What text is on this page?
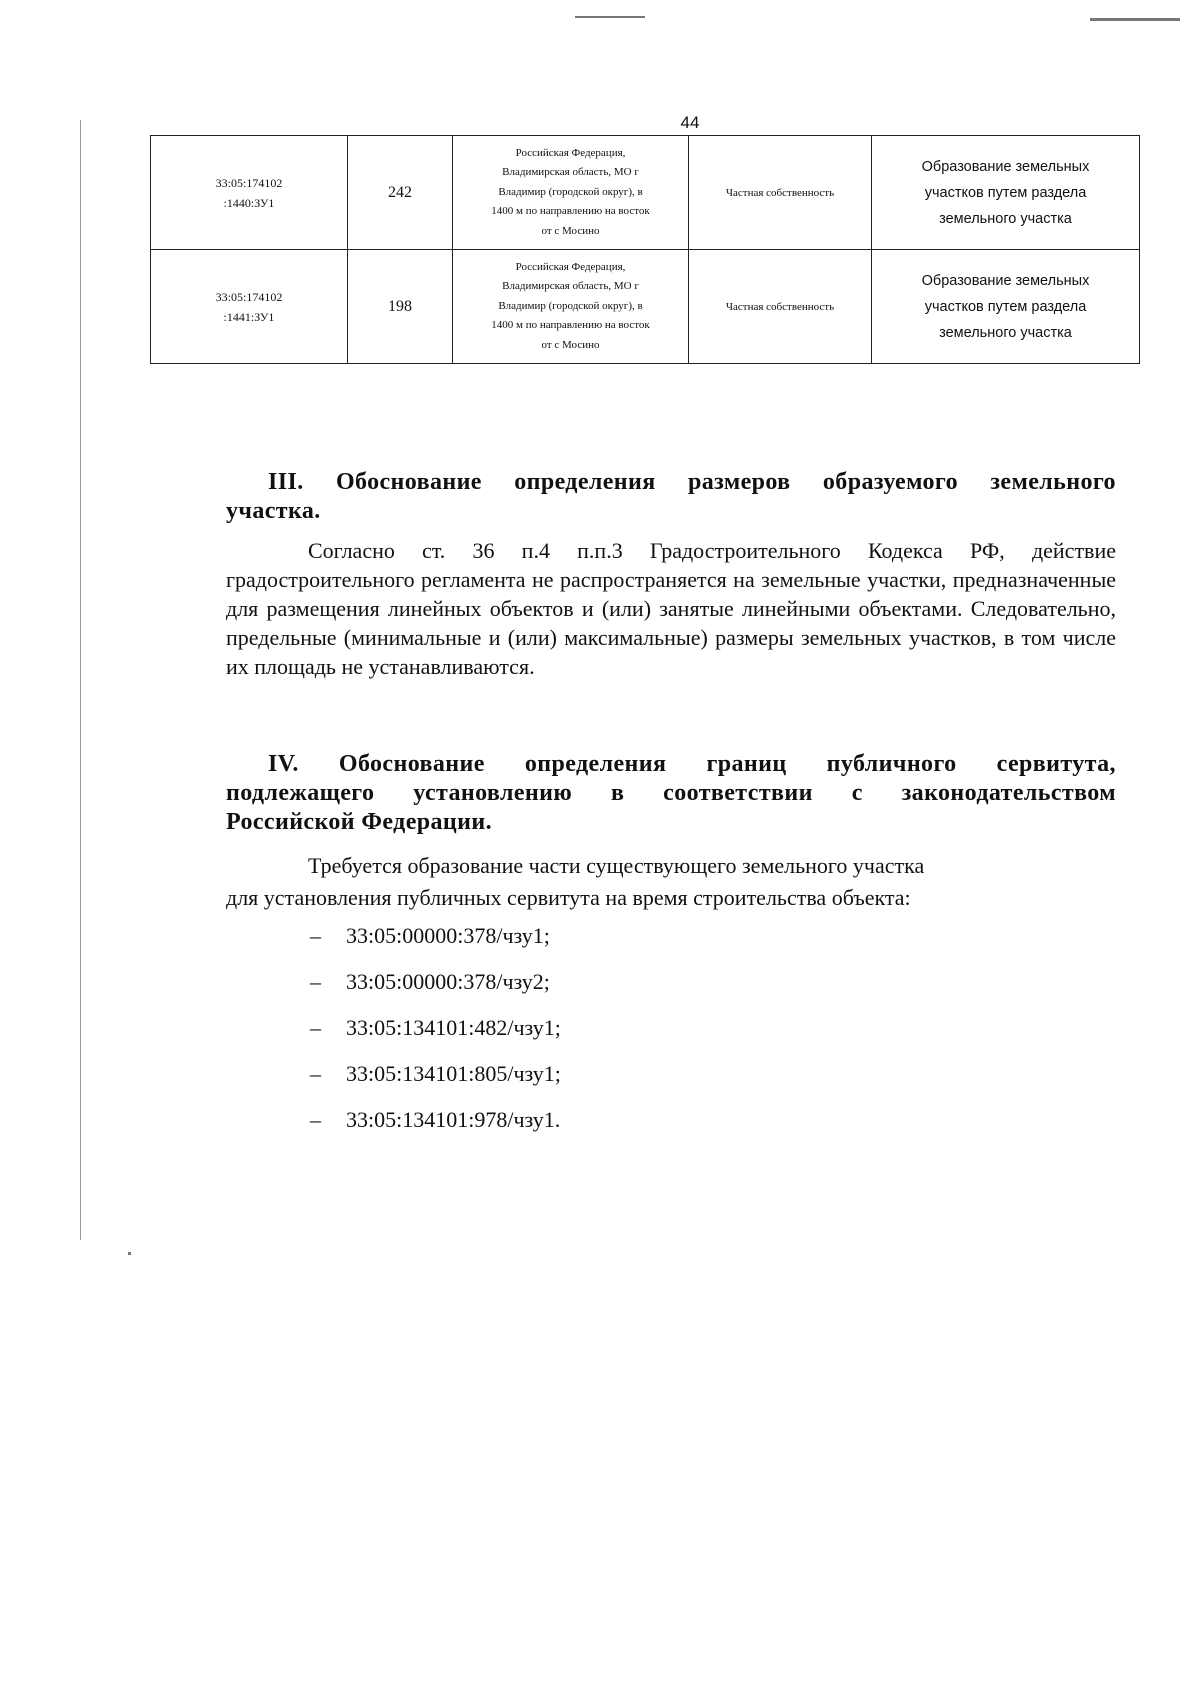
44
33:05:174102
:1440:ЗУ1	242	Российская Федерация,
Владимирская область, МО г
Владимир (городской округ), в
1400 м по направлению на восток
от с Мосино	Частная собственность	Образование земельных
участков путем раздела
земельного участка

33:05:174102
:1441:ЗУ1	198	Российская Федерация,
Владимирская область, МО г
Владимир (городской округ), в
1400 м по направлению на восток
от с Мосино	Частная собственность	Образование земельных
участков путем раздела
земельного участка
III. Обоснование определения размеров образуемого земельного
участка.
Согласно ст. 36 п.4 п.п.3 Градостроительного Кодекса РФ, действие градостроительного регламента не распространяется на земельные участки, предназначенные для размещения линейных объектов и (или) занятые линейными объектами. Следовательно, предельные (минимальные и (или) максимальные) размеры земельных участков, в том числе их площадь не устанавливаются.
IV. Обоснование определения границ публичного сервитута,
подлежащего установлению в соответствии с законодательством
Российской Федерации.
Требуется образование части существующего земельного участка
для установления публичных сервитута на время строительства объекта:
–	33:05:00000:378/чзу1;
–	33:05:00000:378/чзу2;
–	33:05:134101:482/чзу1;
–	33:05:134101:805/чзу1;
–	33:05:134101:978/чзу1.
